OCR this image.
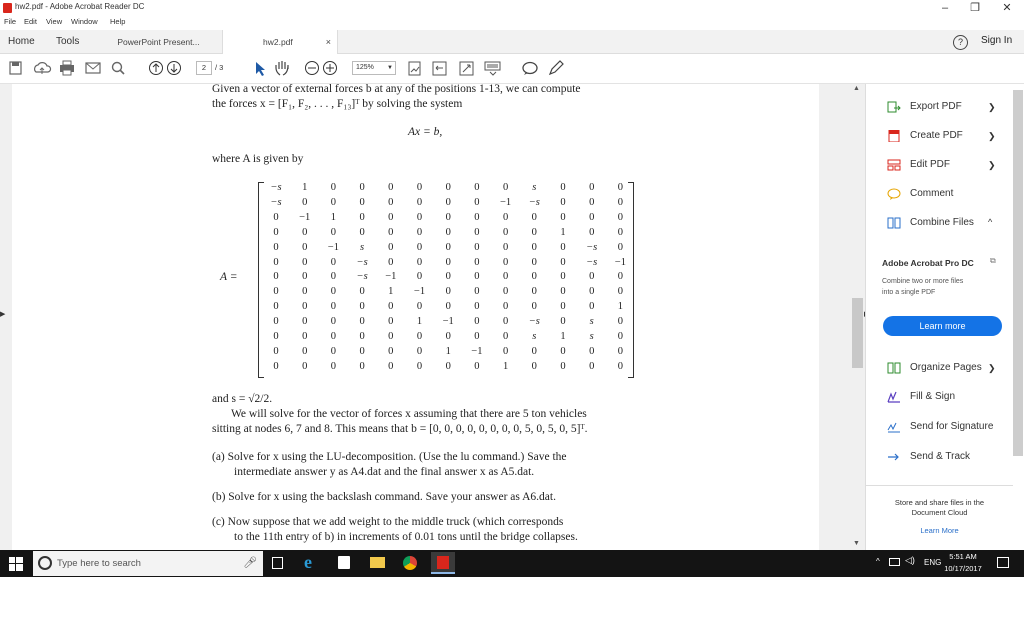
hw2.pdf - Adobe Acrobat Reader DC	–	❐	✕
File Edit View Window Help
Home Tools	PowerPoint Present...	hw2.pdf	×	?	Sign In
2	/ 3	125% ▼
▶
Given a vector of external forces b at any of the positions 1-13, we can compute
the forces x = [F₁, F₂, . . . , F₁₃]ᵀ by solving the system
Ax = b,
where A is given by
A =
−s	1	0	0	0	0	0	0	0	s	0	0	0
−s	0	0	0	0	0	0	0	−1	−s	0	0	0
0	−1	1	0	0	0	0	0	0	0	0	0	0
0	0	0	0	0	0	0	0	0	0	1	0	0
0	0	−1	s	0	0	0	0	0	0	0	−s	0
0	0	0	−s	0	0	0	0	0	0	0	−s	−1
0	0	0	−s	−1	0	0	0	0	0	0	0	0
0	0	0	0	1	−1	0	0	0	0	0	0	0
0	0	0	0	0	0	0	0	0	0	0	0	1
0	0	0	0	0	1	−1	0	0	−s	0	s	0
0	0	0	0	0	0	0	0	0	s	1	s	0
0	0	0	0	0	0	1	−1	0	0	0	0	0
0	0	0	0	0	0	0	0	1	0	0	0	0
and s = √2/2.
We will solve for the vector of forces x assuming that there are 5 ton vehicles
sitting at nodes 6, 7 and 8. This means that b = [0, 0, 0, 0, 0, 0, 0, 0, 5, 0, 5, 0, 5]ᵀ.
(a) Solve for x using the LU-decomposition. (Use the lu command.) Save the
intermediate answer y as A4.dat and the final answer x as A5.dat.
(b) Solve for x using the backslash command. Save your answer as A6.dat.
(c) Now suppose that we add weight to the middle truck (which corresponds
to the 11th entry of b) in increments of 0.01 tons until the bridge collapses.
▲
▼
Export PDF	❯
Create PDF	❯
Edit PDF	❯
Comment
Combine Files ^
Adobe Acrobat Pro DC ⧉
Combine two or more files
into a single PDF
Learn more
Organize Pages ❯
Fill & Sign
Send for Signature
Send & Track
Store and share files in the
Document Cloud
Learn More
Type here to search	🎤︎	e	^	◁) ENG
5:51 AM
10/17/2017
